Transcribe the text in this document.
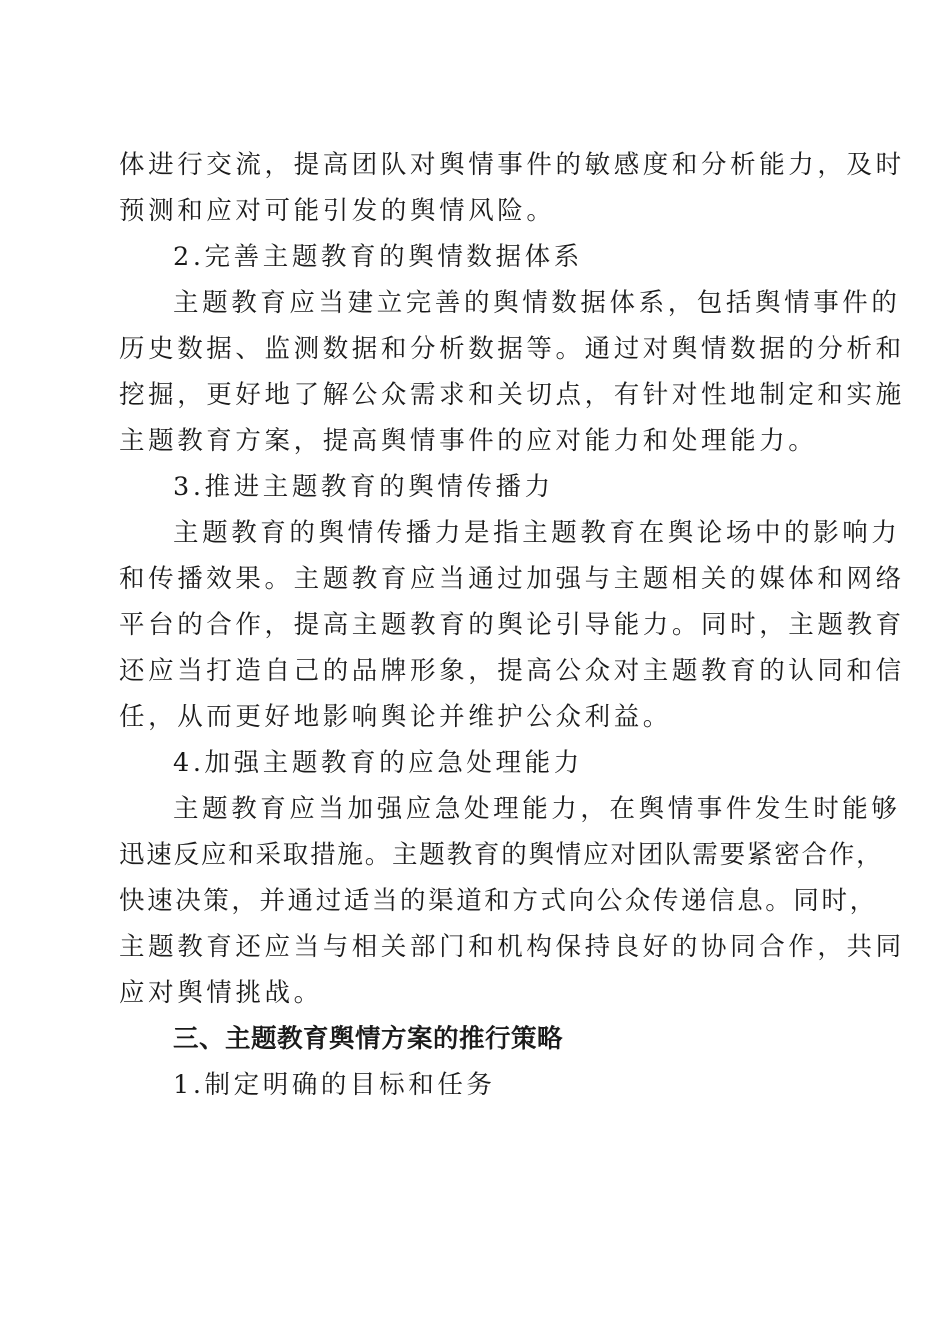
体进行交流，提高团队对舆情事件的敏感度和分析能力，及时
预测和应对可能引发的舆情风险。
2.完善主题教育的舆情数据体系
主题教育应当建立完善的舆情数据体系，包括舆情事件的
历史数据、监测数据和分析数据等。通过对舆情数据的分析和
挖掘，更好地了解公众需求和关切点，有针对性地制定和实施
主题教育方案，提高舆情事件的应对能力和处理能力。
3.推进主题教育的舆情传播力
主题教育的舆情传播力是指主题教育在舆论场中的影响力
和传播效果。主题教育应当通过加强与主题相关的媒体和网络
平台的合作，提高主题教育的舆论引导能力。同时，主题教育
还应当打造自己的品牌形象，提高公众对主题教育的认同和信
任，从而更好地影响舆论并维护公众利益。
4.加强主题教育的应急处理能力
主题教育应当加强应急处理能力，在舆情事件发生时能够
迅速反应和采取措施。主题教育的舆情应对团队需要紧密合作，
快速决策，并通过适当的渠道和方式向公众传递信息。同时，
主题教育还应当与相关部门和机构保持良好的协同合作，共同
应对舆情挑战。
三、主题教育舆情方案的推行策略
1.制定明确的目标和任务
